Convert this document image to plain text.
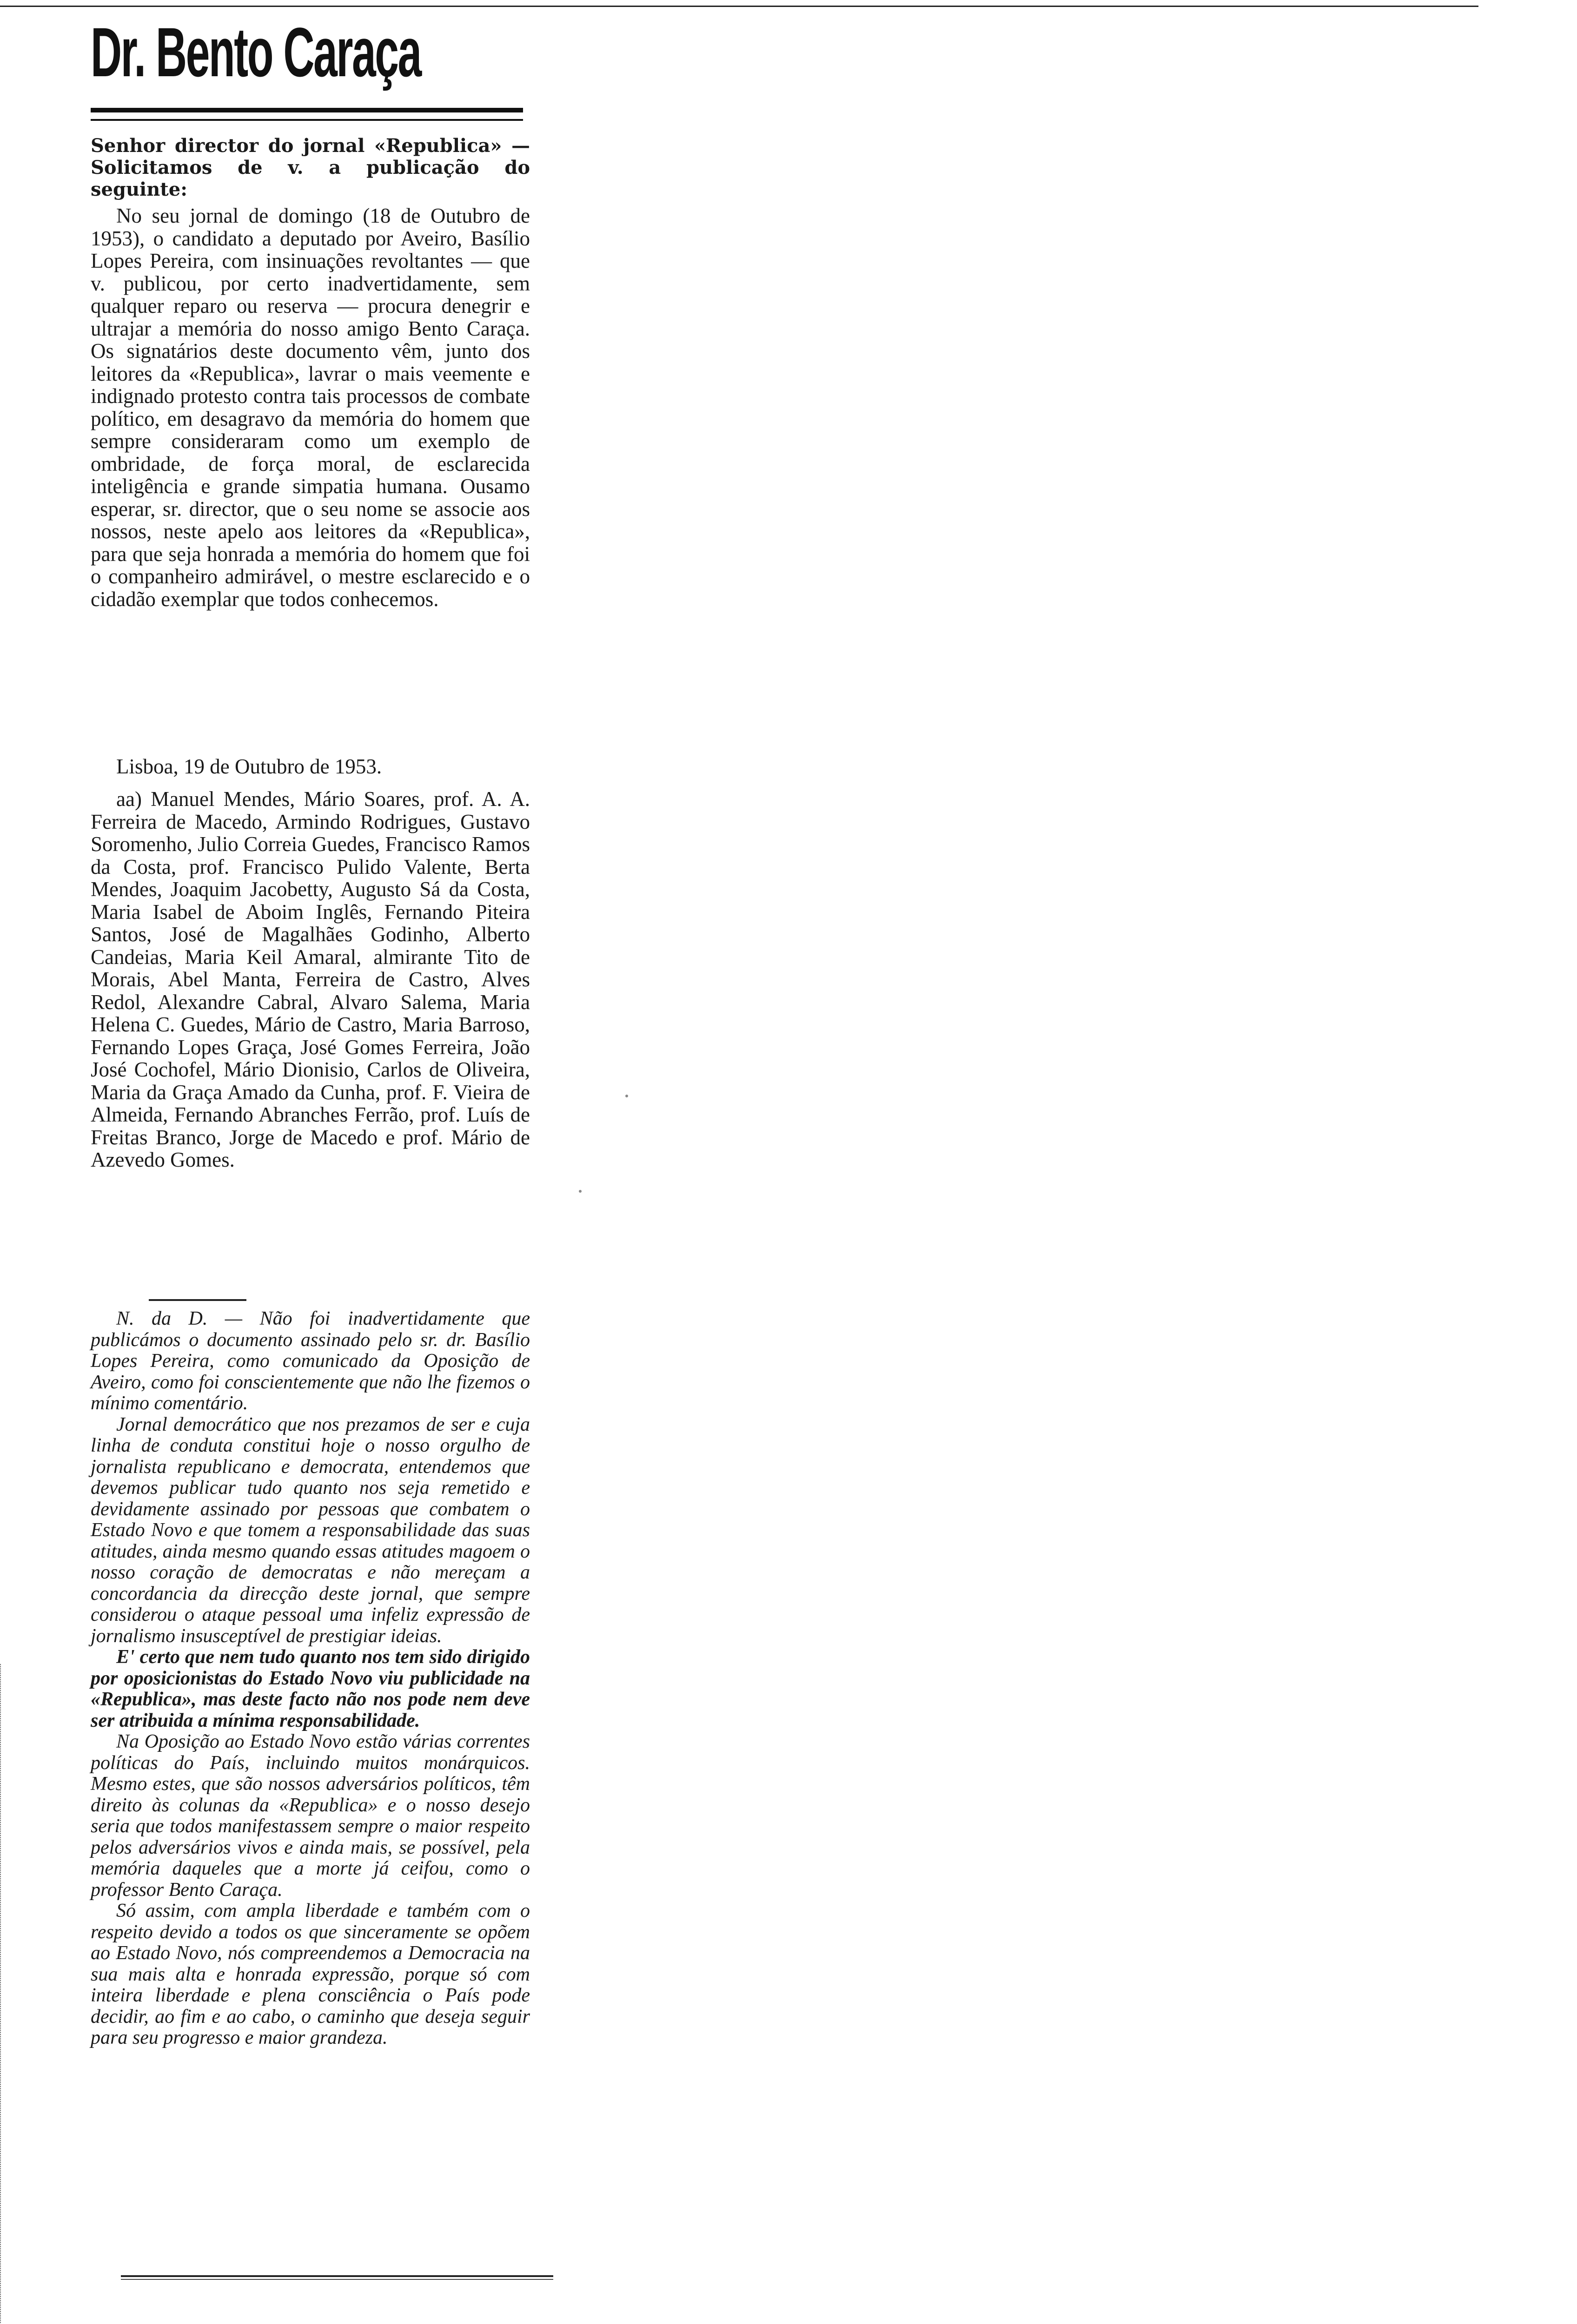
Dr. Bento Caraça
Senhor director do jornal «Republica» — Solicitamos de v. a publicação do seguinte:

No seu jornal de domingo (18 de Outubro de 1953), o candidato a deputado por Aveiro, Basílio Lopes Pereira, com insinuações revoltantes — que v. publicou, por certo inadvertidamente, sem qualquer reparo ou reserva — procura denegrir e ultrajar a memória do nosso amigo Bento Caraça. Os signatários deste documento vêm, junto dos leitores da «Republica», lavrar o mais veemente e indignado protesto contra tais processos de combate político, em desagravo da memória do homem que sempre consideraram como um exemplo de ombridade, de força moral, de esclarecida inteligência e grande simpatia humana. Ousamo esperar, sr. director, que o seu nome se associe aos nossos, neste apelo aos leitores da «Republica», para que seja honrada a memória do homem que foi o companheiro admirável, o mestre esclarecido e o cidadão exemplar que todos conhecemos.

Lisboa, 19 de Outubro de 1953.

aa) Manuel Mendes, Mário Soares, prof. A. A. Ferreira de Macedo, Armindo Rodrigues, Gustavo Soromenho, Julio Correia Guedes, Francisco Ramos da Costa, prof. Francisco Pulido Valente, Berta Mendes, Joaquim Jacobetty, Augusto Sá da Costa, Maria Isabel de Aboim Inglês, Fernando Piteira Santos, José de Magalhães Godinho, Alberto Candeias, Maria Keil Amaral, almirante Tito de Morais, Abel Manta, Ferreira de Castro, Alves Redol, Alexandre Cabral, Alvaro Salema, Maria Helena C. Guedes, Mário de Castro, Maria Barroso, Fernando Lopes Graça, José Gomes Ferreira, João José Cochofel, Mário Dionisio, Carlos de Oliveira, Maria da Graça Amado da Cunha, prof. F. Vieira de Almeida, Fernando Abranches Ferrão, prof. Luís de Freitas Branco, Jorge de Macedo e prof. Mário de Azevedo Gomes.

N. da D. — Não foi inadvertidamente que publicámos o documento assinado pelo sr. dr. Basílio Lopes Pereira, como comunicado da Oposição de Aveiro, como foi conscientemente que não lhe fizemos o mínimo comentário.

Jornal democrático que nos prezamos de ser e cuja linha de conduta constitui hoje o nosso orgulho de jornalista republicano e democrata, entendemos que devemos publicar tudo quanto nos seja remetido e devidamente assinado por pessoas que combatem o Estado Novo e que tomem a responsabilidade das suas atitudes, ainda mesmo quando essas atitudes magoem o nosso coração de democratas e não mereçam a concordancia da direcção deste jornal, que sempre considerou o ataque pessoal uma infeliz expressão de jornalismo insusceptível de prestigiar ideias.

E' certo que nem tudo quanto nos tem sido dirigido por oposicionistas do Estado Novo viu publicidade na «Republica», mas deste facto não nos pode nem deve ser atribuida a mínima responsabilidade.

Na Oposição ao Estado Novo estão várias correntes políticas do País, incluindo muitos monárquicos. Mesmo estes, que são nossos adversários políticos, têm direito às colunas da «Republica» e o nosso desejo seria que todos manifestassem sempre o maior respeito pelos adversários vivos e ainda mais, se possível, pela memória daqueles que a morte já ceifou, como o professor Bento Caraça.

Só assim, com ampla liberdade e também com o respeito devido a todos os que sinceramente se opõem ao Estado Novo, nós compreendemos a Democracia na sua mais alta e honrada expressão, porque só com inteira liberdade e plena consciência o País pode decidir, ao fim e ao cabo, o caminho que deseja seguir para seu progresso e maior grandeza.
